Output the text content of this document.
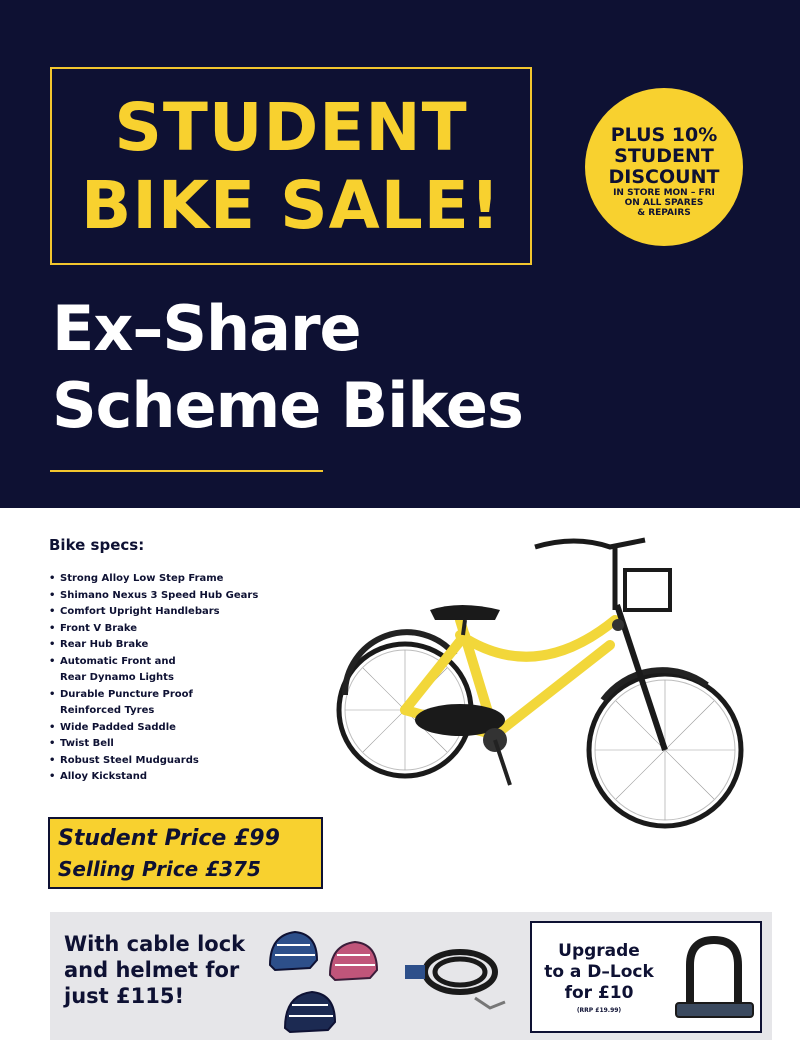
STUDENT
BIKE SALE!
PLUS 10%
STUDENT
DISCOUNT
IN STORE MON – FRI
ON ALL SPARES
& REPAIRS
Ex–Share
Scheme Bikes
Bike specs:
• Strong Alloy Low Step Frame
• Shimano Nexus 3 Speed Hub Gears
• Comfort Upright Handlebars
• Front V Brake
• Rear Hub Brake
• Automatic Front and
Rear Dynamo Lights
• Durable Puncture Proof
Reinforced Tyres
• Wide Padded Saddle
• Twist Bell
• Robust Steel Mudguards
• Alloy Kickstand
Student Price £99
Selling Price £375
With cable lock
and helmet for
just £115!
Upgrade
to a D–Lock
for £10
(RRP £19.99)
